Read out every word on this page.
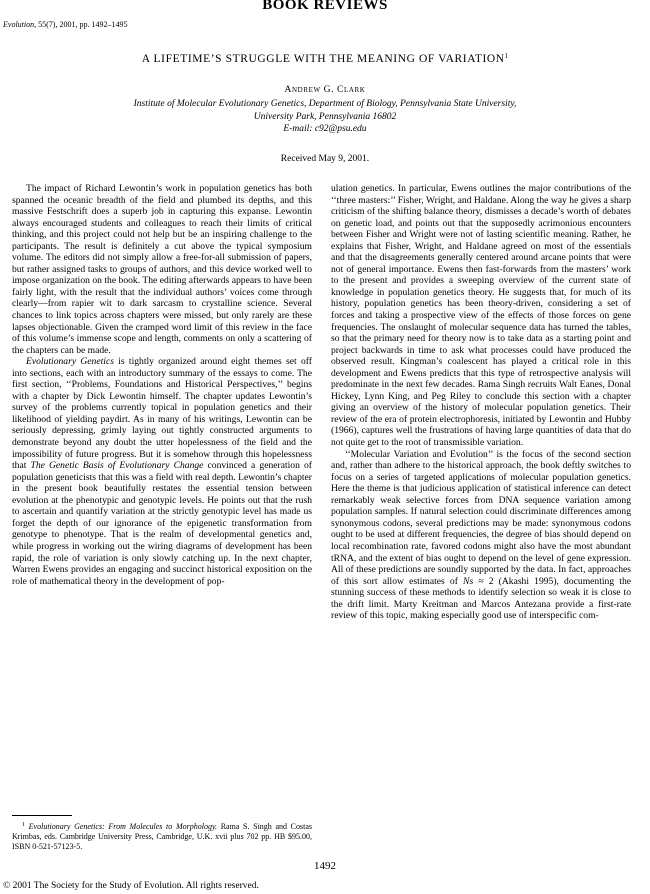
BOOK REVIEWS
Evolution, 55(7), 2001, pp. 1492–1495
A LIFETIME’S STRUGGLE WITH THE MEANING OF VARIATION$^1$
Andrew G. Clark
Institute of Molecular Evolutionary Genetics, Department of Biology, Pennsylvania State University,
University Park, Pennsylvania 16802
E-mail: c92@psu.edu
Received May 9, 2001.

The impact of Richard Lewontin’s work in population genetics has both spanned the oceanic breadth of the field and plumbed its depths, and this massive Festschrift does a superb job in capturing this expanse. Lewontin always encouraged students and colleagues to reach their limits of critical thinking, and this project could not help but be an inspiring challenge to the participants. The result is definitely a cut above the typical symposium volume. The editors did not simply allow a free-for-all submission of papers, but rather assigned tasks to groups of authors, and this device worked well to impose organization on the book. The editing afterwards appears to have been fairly light, with the result that the individual authors’ voices come through clearly—from rapier wit to dark sarcasm to crystalline science. Several chances to link topics across chapters were missed, but only rarely are these lapses objectionable. Given the cramped word limit of this review in the face of this volume’s immense scope and length, comments on only a scattering of the chapters can be made.

Evolutionary Genetics is tightly organized around eight themes set off into sections, each with an introductory summary of the essays to come. The first section, ‘‘Problems, Foundations and Historical Perspectives,’’ begins with a chapter by Dick Lewontin himself. The chapter updates Lewontin’s survey of the problems currently topical in population genetics and their likelihood of yielding paydirt. As in many of his writings, Lewontin can be seriously depressing, grimly laying out tightly constructed arguments to demonstrate beyond any doubt the utter hopelessness of the field and the impossibility of future progress. But it is somehow through this hopelessness that The Genetic Basis of Evolutionary Change convinced a generation of population geneticists that this was a field with real depth. Lewontin’s chapter in the present book beautifully restates the essential tension between evolution at the phenotypic and genotypic levels. He points out that the rush to ascertain and quantify variation at the strictly genotypic level has made us forget the depth of our ignorance of the epigenetic transformation from genotype to phenotype. That is the realm of developmental genetics and, while progress in working out the wiring diagrams of development has been rapid, the role of variation is only slowly catching up. In the next chapter, Warren Ewens provides an engaging and succinct historical exposition on the role of mathematical theory in the development of pop-

ulation genetics. In particular, Ewens outlines the major contributions of the ‘‘three masters:’’ Fisher, Wright, and Haldane. Along the way he gives a sharp criticism of the shifting balance theory, dismisses a decade’s worth of debates on genetic load, and points out that the supposedly acrimonious encounters between Fisher and Wright were not of lasting scientific meaning. Rather, he explains that Fisher, Wright, and Haldane agreed on most of the essentials and that the disagreements generally centered around arcane points that were not of general importance. Ewens then fast-forwards from the masters’ work to the present and provides a sweeping overview of the current state of knowledge in population genetics theory. He suggests that, for much of its history, population genetics has been theory-driven, considering a set of forces and taking a prospective view of the effects of those forces on gene frequencies. The onslaught of molecular sequence data has turned the tables, so that the primary need for theory now is to take data as a starting point and project backwards in time to ask what processes could have produced the observed result. Kingman’s coalescent has played a critical role in this development and Ewens predicts that this type of retrospective analysis will predominate in the next few decades. Rama Singh recruits Walt Eanes, Donal Hickey, Lynn King, and Peg Riley to conclude this section with a chapter giving an overview of the history of molecular population genetics. Their review of the era of protein electrophoresis, initiated by Lewontin and Hubby (1966), captures well the frustrations of having large quantities of data that do not quite get to the root of transmissible variation.

‘‘Molecular Variation and Evolution’’ is the focus of the second section and, rather than adhere to the historical approach, the book deftly switches to focus on a series of targeted applications of molecular population genetics. Here the theme is that judicious application of statistical inference can detect remarkably weak selective forces from DNA sequence variation among population samples. If natural selection could discriminate differences among synonymous codons, several predictions may be made: synonymous codons ought to be used at different frequencies, the degree of bias should depend on local recombination rate, favored codons might also have the most abundant tRNA, and the extent of bias ought to depend on the level of gene expression. All of these predictions are soundly supported by the data. In fact, approaches of this sort allow estimates of Ns ≈ 2 (Akashi 1995), documenting the stunning success of these methods to identify selection so weak it is close to the drift limit. Marty Kreitman and Marcos Antezana provide a first-rate review of this topic, making especially good use of interspecific com-

$^1$ Evolutionary Genetics: From Molecules to Morphology. Rama S. Singh and Costas Krimbas, eds. Cambridge University Press, Cambridge, U.K. xvii plus 702 pp. HB $95.00, ISBN 0-521-57123-5.
1492
© 2001 The Society for the Study of Evolution. All rights reserved.
